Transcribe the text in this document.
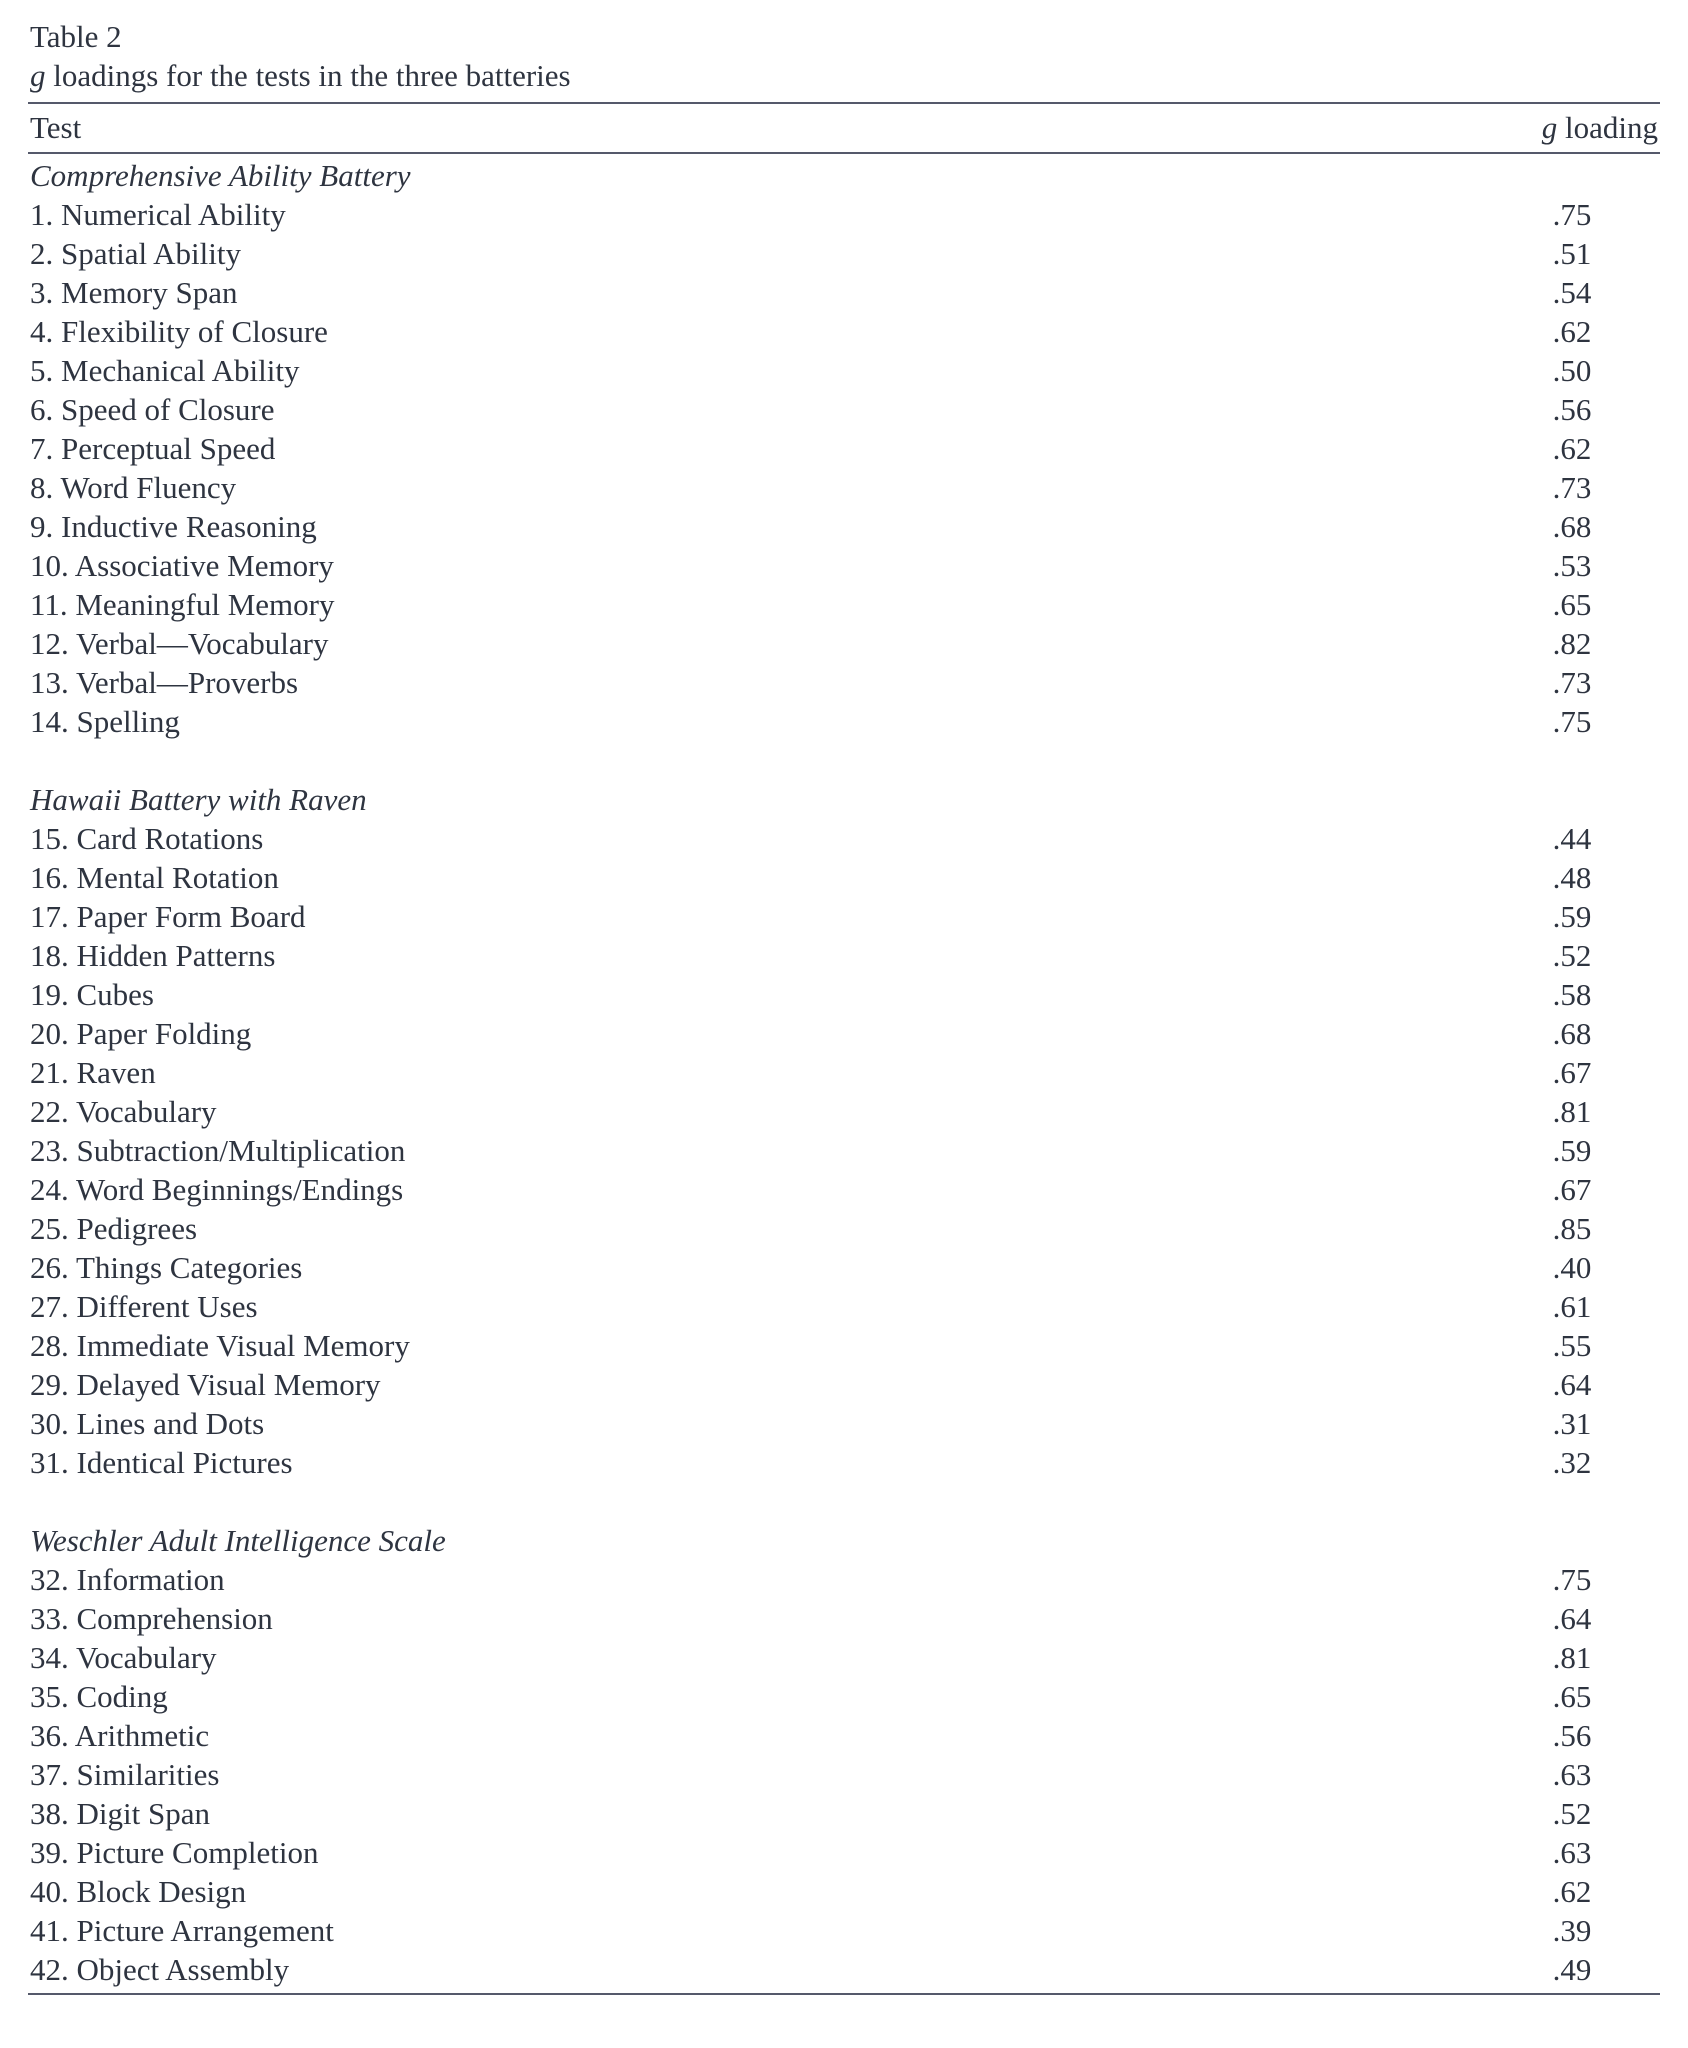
Table 2
g loadings for the tests in the three batteries
Test	g loading
Comprehensive Ability Battery
1. Numerical Ability	.75
2. Spatial Ability	.51
3. Memory Span	.54
4. Flexibility of Closure	.62
5. Mechanical Ability	.50
6. Speed of Closure	.56
7. Perceptual Speed	.62
8. Word Fluency	.73
9. Inductive Reasoning	.68
10. Associative Memory	.53
11. Meaningful Memory	.65
12. Verbal—Vocabulary	.82
13. Verbal—Proverbs	.73
14. Spelling	.75
Hawaii Battery with Raven
15. Card Rotations	.44
16. Mental Rotation	.48
17. Paper Form Board	.59
18. Hidden Patterns	.52
19. Cubes	.58
20. Paper Folding	.68
21. Raven	.67
22. Vocabulary	.81
23. Subtraction/Multiplication	.59
24. Word Beginnings/Endings	.67
25. Pedigrees	.85
26. Things Categories	.40
27. Different Uses	.61
28. Immediate Visual Memory	.55
29. Delayed Visual Memory	.64
30. Lines and Dots	.31
31. Identical Pictures	.32
Weschler Adult Intelligence Scale
32. Information	.75
33. Comprehension	.64
34. Vocabulary	.81
35. Coding	.65
36. Arithmetic	.56
37. Similarities	.63
38. Digit Span	.52
39. Picture Completion	.63
40. Block Design	.62
41. Picture Arrangement	.39
42. Object Assembly	.49
